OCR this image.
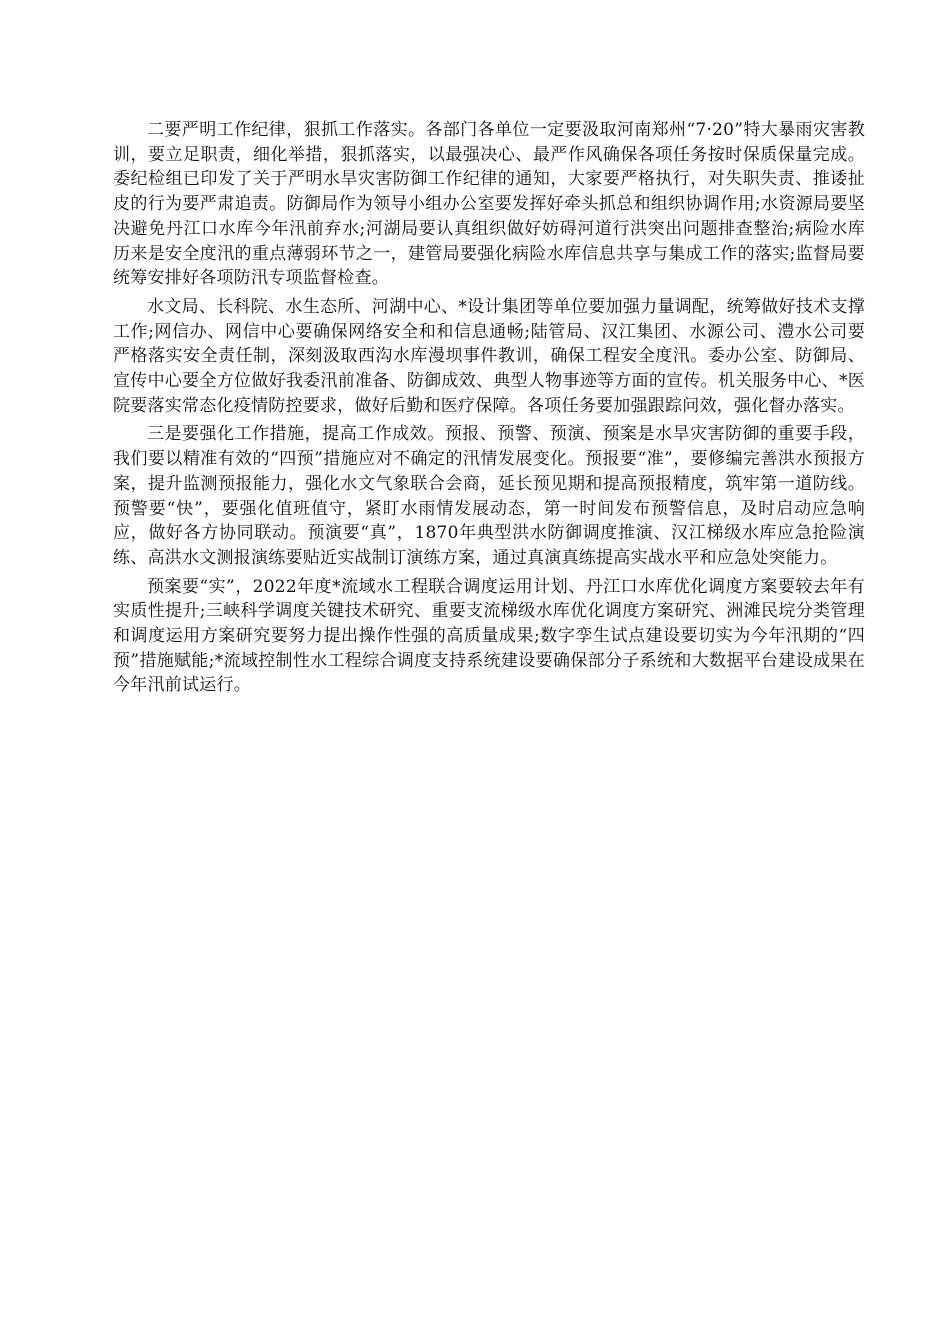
二要严明工作纪律，狠抓工作落实。各部门各单位一定要汲取河南郑州“7·20”特大暴雨灾害教训，要立足职责，细化举措，狠抓落实，以最强决心、最严作风确保各项任务按时保质保量完成。委纪检组已印发了关于严明水旱灾害防御工作纪律的通知，大家要严格执行，对失职失责、推诿扯皮的行为要严肃追责。防御局作为领导小组办公室要发挥好牵头抓总和组织协调作用;水资源局要坚决避免丹江口水库今年汛前弃水;河湖局要认真组织做好妨碍河道行洪突出问题排查整治;病险水库历来是安全度汛的重点薄弱环节之一，建管局要强化病险水库信息共享与集成工作的落实;监督局要统筹安排好各项防汛专项监督检查。

水文局、长科院、水生态所、河湖中心、*设计集团等单位要加强力量调配，统筹做好技术支撑工作;网信办、网信中心要确保网络安全和和信息通畅;陆管局、汉江集团、水源公司、澧水公司要严格落实安全责任制，深刻汲取西沟水库漫坝事件教训，确保工程安全度汛。委办公室、防御局、宣传中心要全方位做好我委汛前准备、防御成效、典型人物事迹等方面的宣传。机关服务中心、*医院要落实常态化疫情防控要求，做好后勤和医疗保障。各项任务要加强跟踪问效，强化督办落实。

三是要强化工作措施，提高工作成效。预报、预警、预演、预案是水旱灾害防御的重要手段，我们要以精准有效的“四预”措施应对不确定的汛情发展变化。预报要“准”，要修编完善洪水预报方案，提升监测预报能力，强化水文气象联合会商，延长预见期和提高预报精度，筑牢第一道防线。预警要“快”，要强化值班值守，紧盯水雨情发展动态，第一时间发布预警信息，及时启动应急响应，做好各方协同联动。预演要“真”，1870年典型洪水防御调度推演、汉江梯级水库应急抢险演练、高洪水文测报演练要贴近实战制订演练方案，通过真演真练提高实战水平和应急处突能力。

预案要“实”，2022年度*流域水工程联合调度运用计划、丹江口水库优化调度方案要较去年有实质性提升;三峡科学调度关键技术研究、重要支流梯级水库优化调度方案研究、洲滩民垸分类管理和调度运用方案研究要努力提出操作性强的高质量成果;数字孪生试点建设要切实为今年汛期的“四预”措施赋能;*流域控制性水工程综合调度支持系统建设要确保部分子系统和大数据平台建设成果在今年汛前试运行。
